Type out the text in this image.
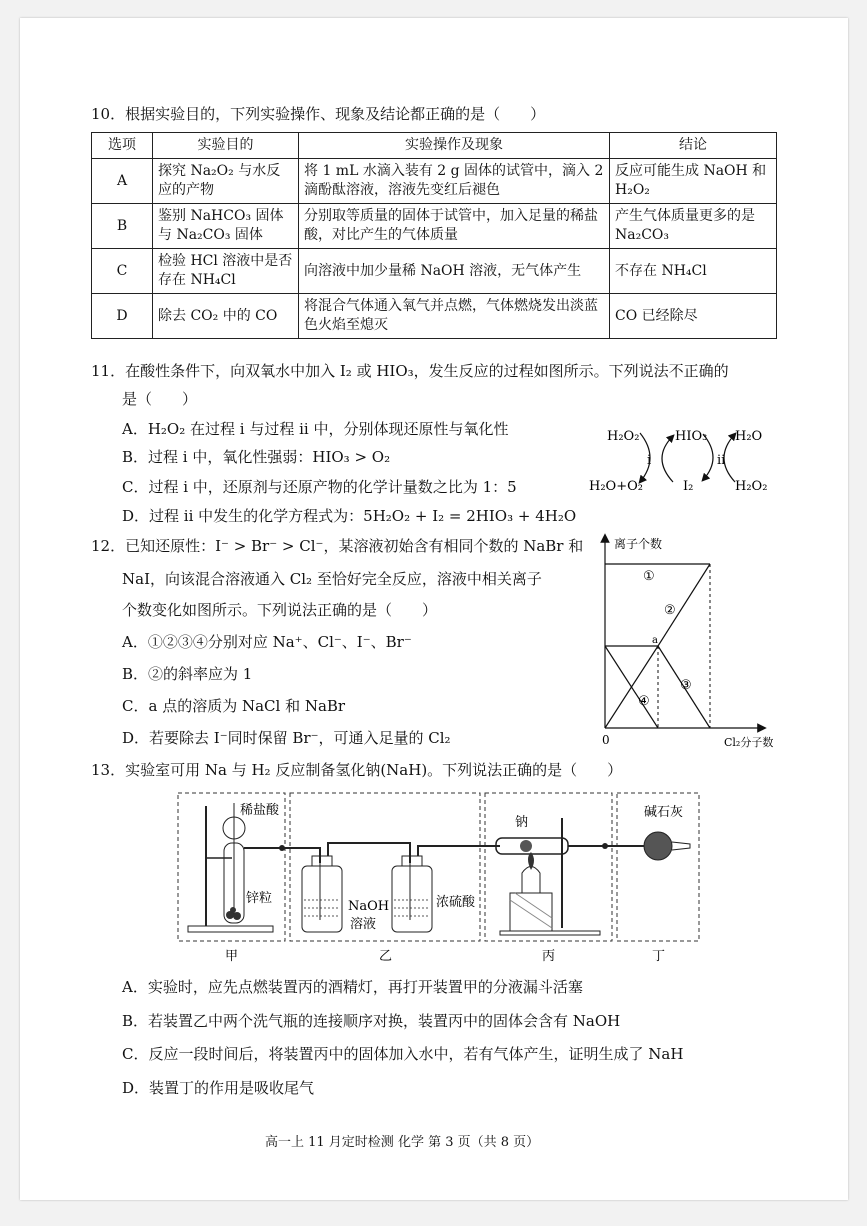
10．根据实验目的，下列实验操作、现象及结论都正确的是（　　）
选项	实验目的	实验操作及现象	结论
A	探究 Na₂O₂ 与水反应的产物	将 1 mL 水滴入装有 2 g 固体的试管中，滴入 2 滴酚酞溶液，溶液先变红后褪色	反应可能生成 NaOH 和 H₂O₂
B	鉴别 NaHCO₃ 固体与 Na₂CO₃ 固体	分别取等质量的固体于试管中，加入足量的稀盐酸，对比产生的气体质量	产生气体质量更多的是 Na₂CO₃
C	检验 HCl 溶液中是否存在 NH₄Cl	向溶液中加少量稀 NaOH 溶液，无气体产生	不存在 NH₄Cl
D	除去 CO₂ 中的 CO	将混合气体通入氧气并点燃，气体燃烧发出淡蓝色火焰至熄灭	CO 已经除尽
11．在酸性条件下，向双氧水中加入 I₂ 或 HIO₃，发生反应的过程如图所示。下列说法不正确的
是（　　）
A．H₂O₂ 在过程 i 与过程 ii 中，分别体现还原性与氧化性
B．过程 i 中，氧化性强弱：HIO₃ > O₂
C．过程 i 中，还原剂与还原产物的化学计量数之比为 1：5
D．过程 ii 中发生的化学方程式为：5H₂O₂ + I₂ = 2HIO₃ + 4H₂O
H₂O₂	HIO₃ H₂O
H₂O+O₂	I₂	H₂O₂
i	ii
12．已知还原性：I⁻ > Br⁻ > Cl⁻，某溶液初始含有相同个数的 NaBr 和
NaI，向该混合溶液通入 Cl₂ 至恰好完全反应，溶液中相关离子
个数变化如图所示。下列说法正确的是（　　）
A．①②③④分别对应 Na⁺、Cl⁻、I⁻、Br⁻
B．②的斜率应为 1
C．a 点的溶质为 NaCl 和 NaBr
D．若要除去 I⁻同时保留 Br⁻，可通入足量的 Cl₂
离子个数
Cl₂分子数
0
a
①
②
③
④
13．实验室可用 Na 与 H₂ 反应制备氢化钠(NaH)。下列说法正确的是（　　）
稀盐酸
锌粒
NaOH
溶液
浓硫酸
钠
碱石灰
甲	乙	丙	丁
A．实验时，应先点燃装置丙的酒精灯，再打开装置甲的分液漏斗活塞
B．若装置乙中两个洗气瓶的连接顺序对换，装置丙中的固体会含有 NaOH
C．反应一段时间后，将装置丙中的固体加入水中，若有气体产生，证明生成了 NaH
D．装置丁的作用是吸收尾气
高一上 11 月定时检测 化学 第 3 页（共 8 页）
